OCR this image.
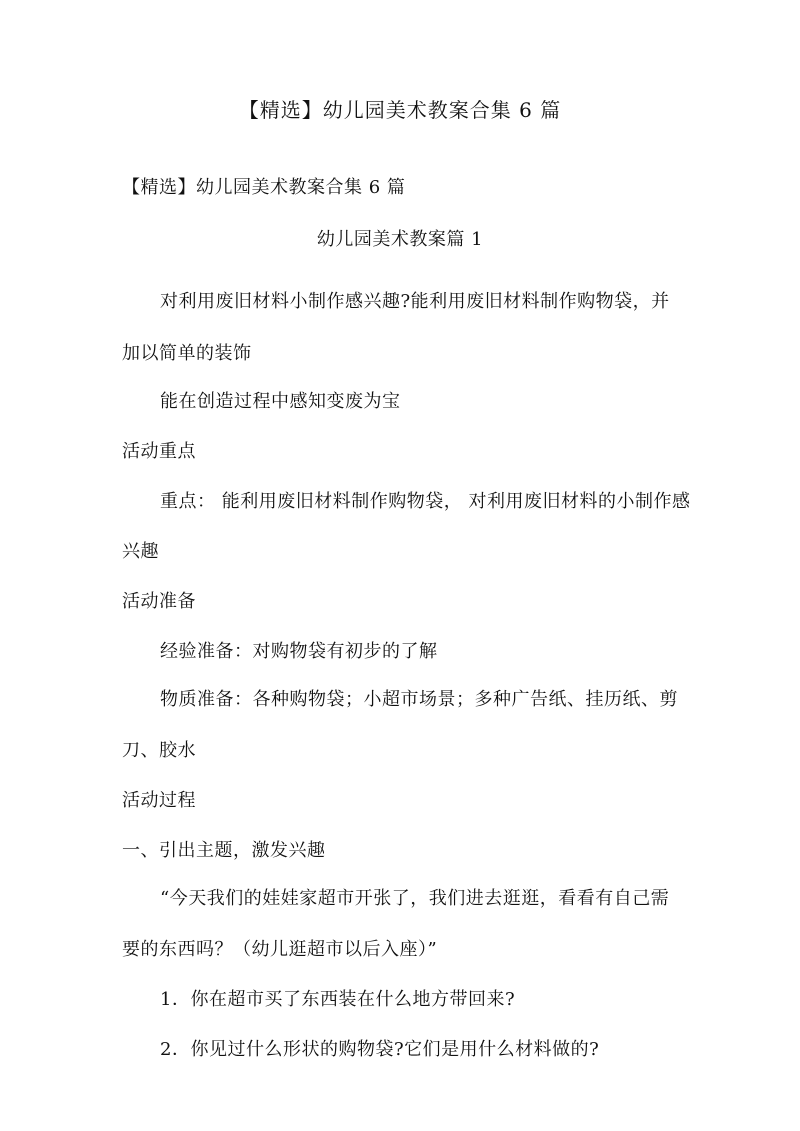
【精选】幼儿园美术教案合集 6 篇
【精选】幼儿园美术教案合集 6 篇
幼儿园美术教案篇 1
对利用废旧材料小制作感兴趣?能利用废旧材料制作购物袋，并
加以简单的装饰
能在创造过程中感知变废为宝
活动重点
重点： 能利用废旧材料制作购物袋， 对利用废旧材料的小制作感
兴趣
活动准备
经验准备：对购物袋有初步的了解
物质准备：各种购物袋；小超市场景；多种广告纸、挂历纸、剪
刀、胶水
活动过程
一、引出主题，激发兴趣
“今天我们的娃娃家超市开张了，我们进去逛逛，看看有自己需
要的东西吗？（幼儿逛超市以后入座）”
1．你在超市买了东西装在什么地方带回来?
2．你见过什么形状的购物袋?它们是用什么材料做的?
